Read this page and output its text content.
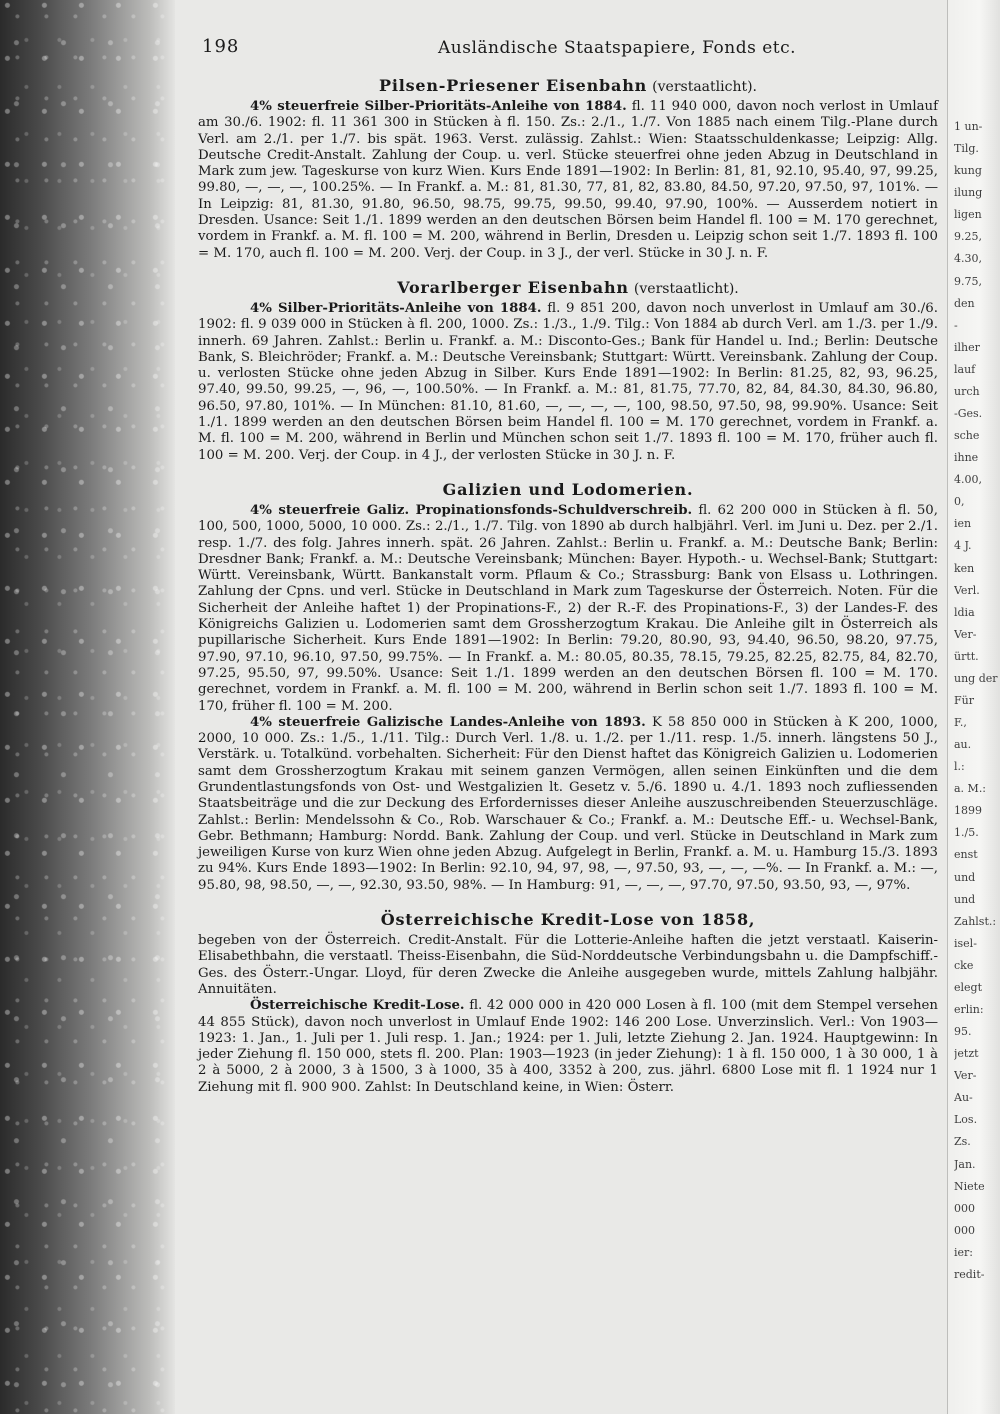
1 un-
Tilg.
kung
ilung
ligen
9.25,
4.30,
9.75,
den
-
ilher
lauf
urch
-Ges.
sche
ihne
4.00,
0,
ien
4 J.
ken
Verl.
ldia
Ver-
ürtt.
ung der
Für
F.,
au.
l.:
a. M.:
1899
1./5.
enst
und
und
Zahlst.:
isel-
cke
elegt
erlin:
95.
jetzt
Ver-
Au-
Los.
Zs.
Jan.
Niete
000
000
ier:
redit-
198	Ausländische Staatspapiere, Fonds etc.
Pilsen-Priesener Eisenbahn (verstaatlicht).

4% steuerfreie Silber-Prioritäts-Anleihe von 1884. fl. 11 940 000, davon noch verlost in Umlauf am 30./6. 1902: fl. 11 361 300 in Stücken à fl. 150. Zs.: 2./1., 1./7. Von 1885 nach einem Tilg.-Plane durch Verl. am 2./1. per 1./7. bis spät. 1963. Verst. zulässig. Zahlst.: Wien: Staatsschuldenkasse; Leipzig: Allg. Deutsche Credit-Anstalt. Zahlung der Coup. u. verl. Stücke steuerfrei ohne jeden Abzug in Deutschland in Mark zum jew. Tageskurse von kurz Wien. Kurs Ende 1891—1902: In Berlin: 81, 81, 92.10, 95.40, 97, 99.25, 99.80, —, —, —, 100.25%. — In Frankf. a. M.: 81, 81.30, 77, 81, 82, 83.80, 84.50, 97.20, 97.50, 97, 101%. — In Leipzig: 81, 81.30, 91.80, 96.50, 98.75, 99.75, 99.50, 99.40, 97.90, 100%. — Ausserdem notiert in Dresden. Usance: Seit 1./1. 1899 werden an den deutschen Börsen beim Handel fl. 100 = M. 170 gerechnet, vordem in Frankf. a. M. fl. 100 = M. 200, während in Berlin, Dresden u. Leipzig schon seit 1./7. 1893 fl. 100 = M. 170, auch fl. 100 = M. 200. Verj. der Coup. in 3 J., der verl. Stücke in 30 J. n. F.

Vorarlberger Eisenbahn (verstaatlicht).

4% Silber-Prioritäts-Anleihe von 1884. fl. 9 851 200, davon noch unverlost in Umlauf am 30./6. 1902: fl. 9 039 000 in Stücken à fl. 200, 1000. Zs.: 1./3., 1./9. Tilg.: Von 1884 ab durch Verl. am 1./3. per 1./9. innerh. 69 Jahren. Zahlst.: Berlin u. Frankf. a. M.: Disconto-Ges.; Bank für Handel u. Ind.; Berlin: Deutsche Bank, S. Bleichröder; Frankf. a. M.: Deutsche Vereinsbank; Stuttgart: Württ. Vereinsbank. Zahlung der Coup. u. verlosten Stücke ohne jeden Abzug in Silber. Kurs Ende 1891—1902: In Berlin: 81.25, 82, 93, 96.25, 97.40, 99.50, 99.25, —, 96, —, 100.50%. — In Frankf. a. M.: 81, 81.75, 77.70, 82, 84, 84.30, 84.30, 96.80, 96.50, 97.80, 101%. — In München: 81.10, 81.60, —, —, —, —, 100, 98.50, 97.50, 98, 99.90%. Usance: Seit 1./1. 1899 werden an den deutschen Börsen beim Handel fl. 100 = M. 170 gerechnet, vordem in Frankf. a. M. fl. 100 = M. 200, während in Berlin und München schon seit 1./7. 1893 fl. 100 = M. 170, früher auch fl. 100 = M. 200. Verj. der Coup. in 4 J., der verlosten Stücke in 30 J. n. F.

Galizien und Lodomerien.

4% steuerfreie Galiz. Propinationsfonds-Schuldverschreib. fl. 62 200 000 in Stücken à fl. 50, 100, 500, 1000, 5000, 10 000. Zs.: 2./1., 1./7. Tilg. von 1890 ab durch halbjährl. Verl. im Juni u. Dez. per 2./1. resp. 1./7. des folg. Jahres innerh. spät. 26 Jahren. Zahlst.: Berlin u. Frankf. a. M.: Deutsche Bank; Berlin: Dresdner Bank; Frankf. a. M.: Deutsche Vereinsbank; München: Bayer. Hypoth.- u. Wechsel-Bank; Stuttgart: Württ. Vereinsbank, Württ. Bankanstalt vorm. Pflaum & Co.; Strassburg: Bank von Elsass u. Lothringen. Zahlung der Cpns. und verl. Stücke in Deutschland in Mark zum Tageskurse der Österreich. Noten. Für die Sicherheit der Anleihe haftet 1) der Propinations-F., 2) der R.-F. des Propinations-F., 3) der Landes-F. des Königreichs Galizien u. Lodomerien samt dem Grossherzogtum Krakau. Die Anleihe gilt in Österreich als pupillarische Sicherheit. Kurs Ende 1891—1902: In Berlin: 79.20, 80.90, 93, 94.40, 96.50, 98.20, 97.75, 97.90, 97.10, 96.10, 97.50, 99.75%. — In Frankf. a. M.: 80.05, 80.35, 78.15, 79.25, 82.25, 82.75, 84, 82.70, 97.25, 95.50, 97, 99.50%. Usance: Seit 1./1. 1899 werden an den deutschen Börsen fl. 100 = M. 170. gerechnet, vordem in Frankf. a. M. fl. 100 = M. 200, während in Berlin schon seit 1./7. 1893 fl. 100 = M. 170, früher fl. 100 = M. 200.

4% steuerfreie Galizische Landes-Anleihe von 1893. K 58 850 000 in Stücken à K 200, 1000, 2000, 10 000. Zs.: 1./5., 1./11. Tilg.: Durch Verl. 1./8. u. 1./2. per 1./11. resp. 1./5. innerh. längstens 50 J., Verstärk. u. Totalkünd. vorbehalten. Sicherheit: Für den Dienst haftet das Königreich Galizien u. Lodomerien samt dem Grossherzogtum Krakau mit seinem ganzen Vermögen, allen seinen Einkünften und die dem Grundentlastungsfonds von Ost- und Westgalizien lt. Gesetz v. 5./6. 1890 u. 4./1. 1893 noch zufliessenden Staatsbeiträge und die zur Deckung des Erfordernisses dieser Anleihe auszuschreibenden Steuerzuschläge. Zahlst.: Berlin: Mendelssohn & Co., Rob. Warschauer & Co.; Frankf. a. M.: Deutsche Eff.- u. Wechsel-Bank, Gebr. Bethmann; Hamburg: Nordd. Bank. Zahlung der Coup. und verl. Stücke in Deutschland in Mark zum jeweiligen Kurse von kurz Wien ohne jeden Abzug. Aufgelegt in Berlin, Frankf. a. M. u. Hamburg 15./3. 1893 zu 94%. Kurs Ende 1893—1902: In Berlin: 92.10, 94, 97, 98, —, 97.50, 93, —, —, —%. — In Frankf. a. M.: —, 95.80, 98, 98.50, —, —, 92.30, 93.50, 98%. — In Hamburg: 91, —, —, —, 97.70, 97.50, 93.50, 93, —, 97%.

Österreichische Kredit-Lose von 1858,

begeben von der Österreich. Credit-Anstalt. Für die Lotterie-Anleihe haften die jetzt verstaatl. Kaiserin-Elisabethbahn, die verstaatl. Theiss-Eisenbahn, die Süd-Norddeutsche Verbindungsbahn u. die Dampfschiff.-Ges. des Österr.-Ungar. Lloyd, für deren Zwecke die Anleihe ausgegeben wurde, mittels Zahlung halbjähr. Annuitäten.

Österreichische Kredit-Lose. fl. 42 000 000 in 420 000 Losen à fl. 100 (mit dem Stempel versehen 44 855 Stück), davon noch unverlost in Umlauf Ende 1902: 146 200 Lose. Unverzinslich. Verl.: Von 1903—1923: 1. Jan., 1. Juli per 1. Juli resp. 1. Jan.; 1924: per 1. Juli, letzte Ziehung 2. Jan. 1924. Hauptgewinn: In jeder Ziehung fl. 150 000, stets fl. 200. Plan: 1903—1923 (in jeder Ziehung): 1 à fl. 150 000, 1 à 30 000, 1 à 2 à 5000, 2 à 2000, 3 à 1500, 3 à 1000, 35 à 400, 3352 à 200, zus. jährl. 6800 Lose mit fl. 1 1924 nur 1 Ziehung mit fl. 900 900. Zahlst: In Deutschland keine, in Wien: Österr.
